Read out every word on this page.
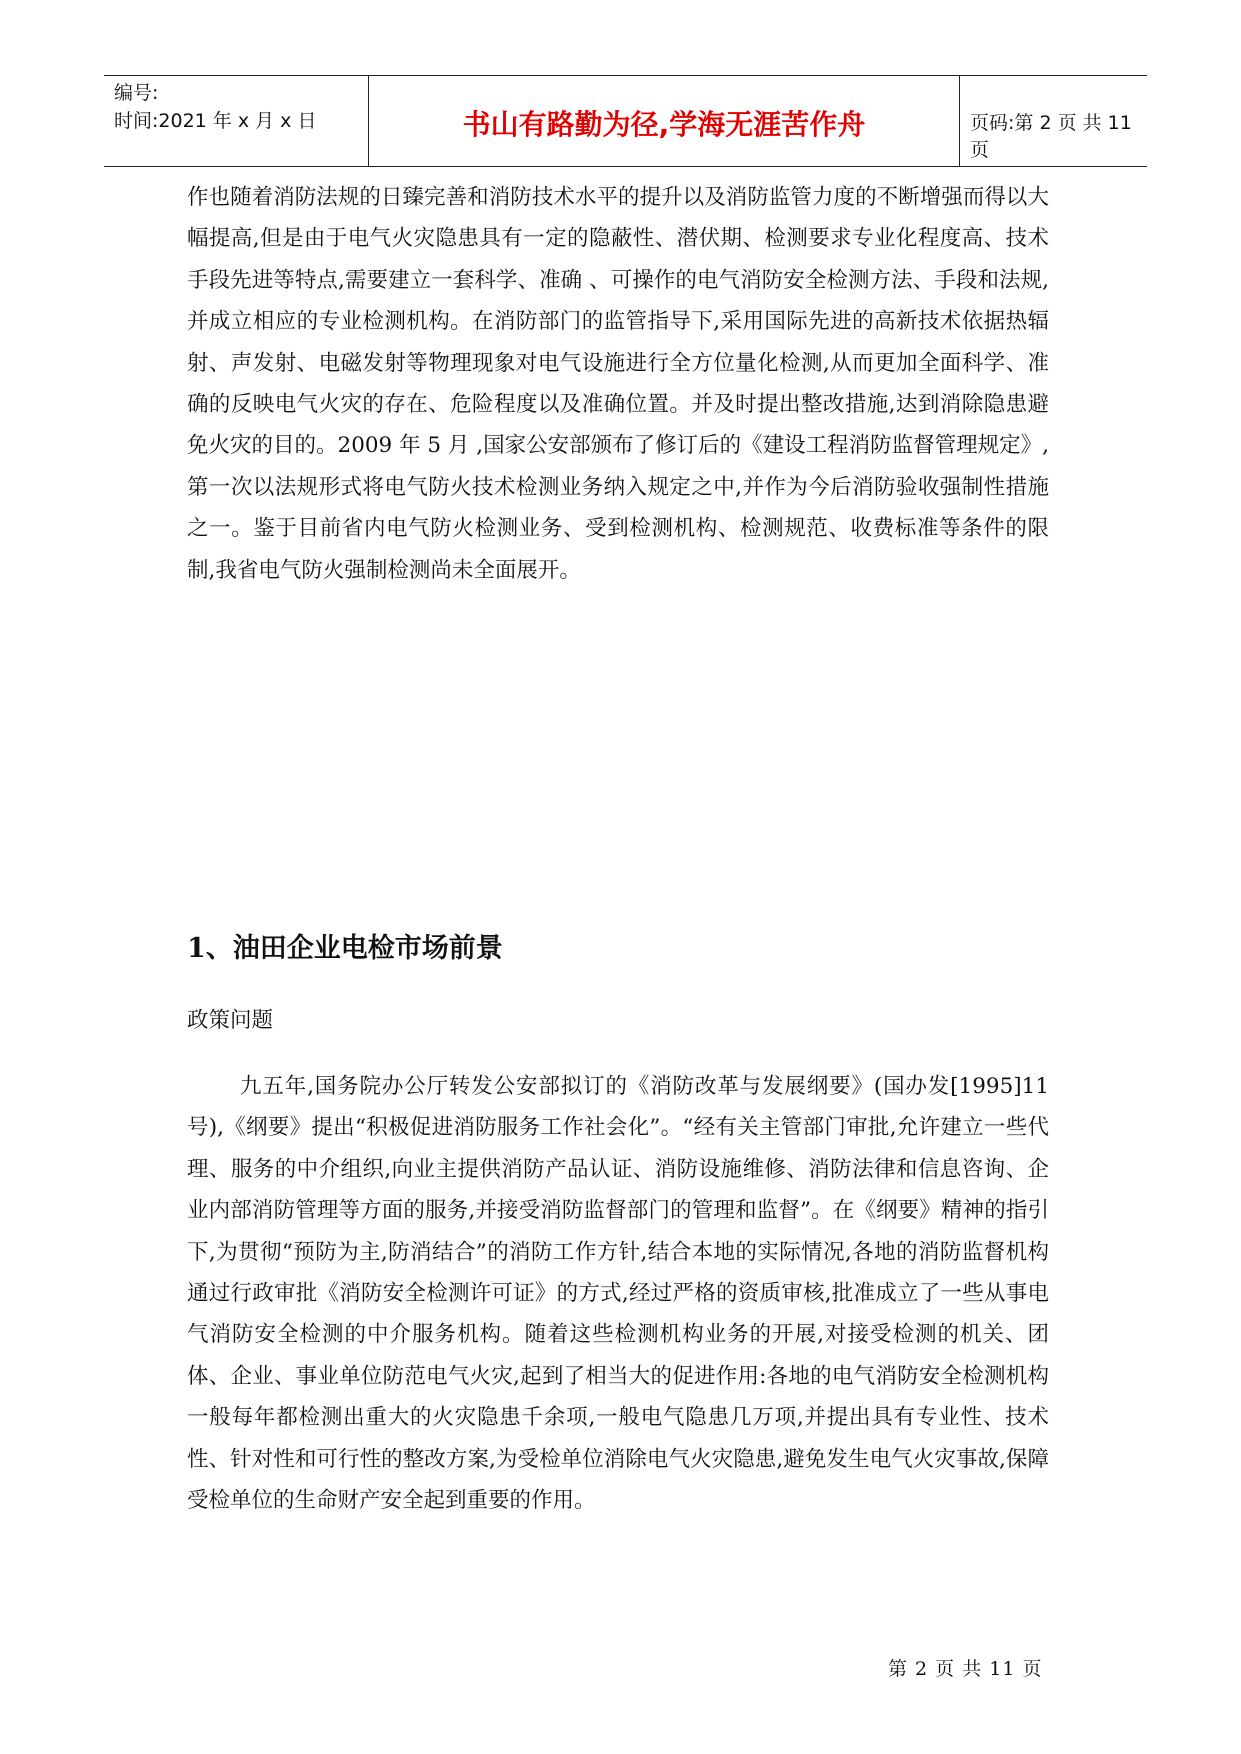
编号:
时间:2021 年 x 月 x 日	书山有路勤为径,学海无涯苦作舟	页码:第 2 页 共 11 页

作也随着消防法规的日臻完善和消防技术水平的提升以及消防监管力度的不断增强而得以大幅提高,但是由于电气火灾隐患具有一定的隐蔽性、潜伏期、检测要求专业化程度高、技术手段先进等特点,需要建立一套科学、准确 、可操作的电气消防安全检测方法、手段和法规,并成立相应的专业检测机构。在消防部门的监管指导下,采用国际先进的高新技术依据热辐射、声发射、电磁发射等物理现象对电气设施进行全方位量化检测,从而更加全面科学、准确的反映电气火灾的存在、危险程度以及准确位置。并及时提出整改措施,达到消除隐患避免火灾的目的。2009 年 5 月 ,国家公安部颁布了修订后的《建设工程消防监督管理规定》,第一次以法规形式将电气防火技术检测业务纳入规定之中,并作为今后消防验收强制性措施之一。鉴于目前省内电气防火检测业务、受到检测机构、检测规范、收费标准等条件的限制,我省电气防火强制检测尚未全面展开。

1、油田企业电检市场前景
政策问题

九五年,国务院办公厅转发公安部拟订的《消防改革与发展纲要》(国办发[1995]11 号),《纲要》提出“积极促进消防服务工作社会化”。“经有关主管部门审批,允许建立一些代理、服务的中介组织,向业主提供消防产品认证、消防设施维修、消防法律和信息咨询、企业内部消防管理等方面的服务,并接受消防监督部门的管理和监督”。在《纲要》精神的指引下,为贯彻“预防为主,防消结合”的消防工作方针,结合本地的实际情况,各地的消防监督机构通过行政审批《消防安全检测许可证》的方式,经过严格的资质审核,批准成立了一些从事电气消防安全检测的中介服务机构。随着这些检测机构业务的开展,对接受检测的机关、团体、企业、事业单位防范电气火灾,起到了相当大的促进作用:各地的电气消防安全检测机构一般每年都检测出重大的火灾隐患千余项,一般电气隐患几万项,并提出具有专业性、技术性、针对性和可行性的整改方案,为受检单位消除电气火灾隐患,避免发生电气火灾事故,保障受检单位的生命财产安全起到重要的作用。

第 2 页 共 11 页
